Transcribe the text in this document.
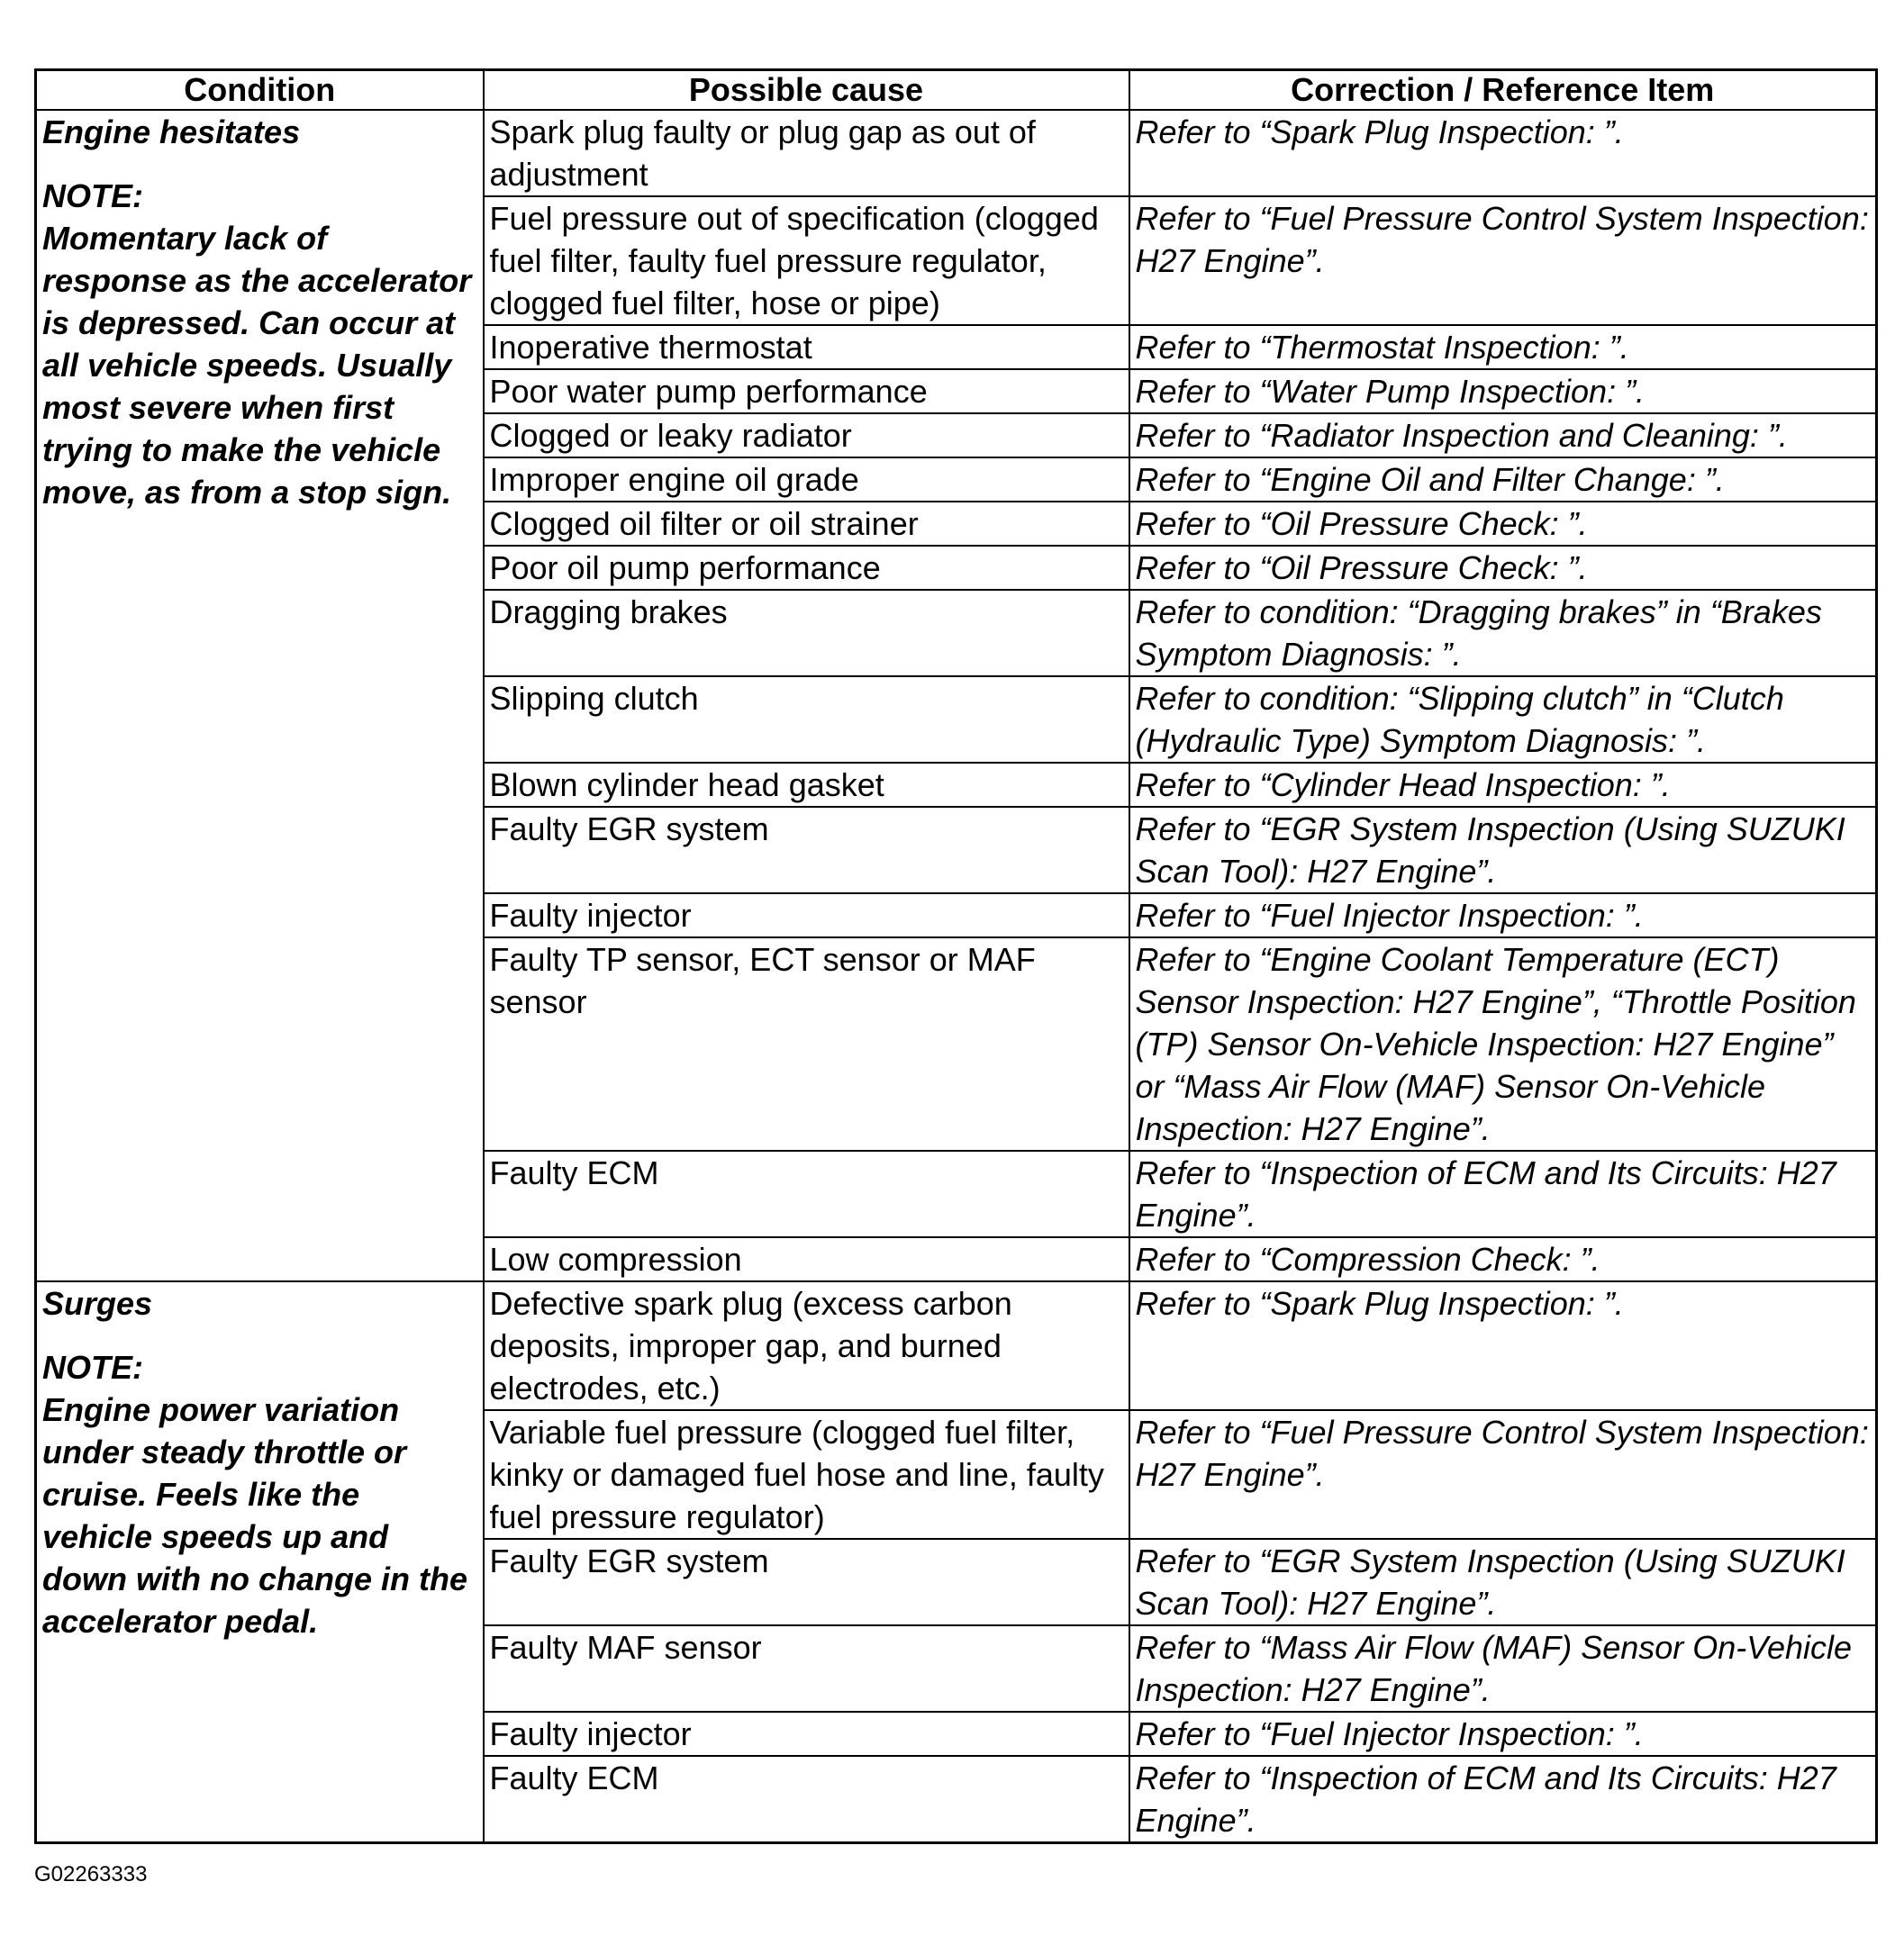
Condition	Possible cause	Correction / Reference Item

Engine hesitates
NOTE:
Momentary lack of response as the accelerator is depressed. Can occur at all vehicle speeds. Usually most severe when first trying to make the vehicle move, as from a stop sign.	Spark plug faulty or plug gap as out of adjustment	Refer to “Spark Plug Inspection: ”.
	Fuel pressure out of specification (clogged fuel filter, faulty fuel pressure regulator, clogged fuel filter, hose or pipe)	Refer to “Fuel Pressure Control System Inspection: H27 Engine”.
	Inoperative thermostat	Refer to “Thermostat Inspection: ”.
	Poor water pump performance	Refer to “Water Pump Inspection: ”.
	Clogged or leaky radiator	Refer to “Radiator Inspection and Cleaning: ”.
	Improper engine oil grade	Refer to “Engine Oil and Filter Change: ”.
	Clogged oil filter or oil strainer	Refer to “Oil Pressure Check: ”.
	Poor oil pump performance	Refer to “Oil Pressure Check: ”.
	Dragging brakes	Refer to condition: “Dragging brakes” in “Brakes Symptom Diagnosis: ”.
	Slipping clutch	Refer to condition: “Slipping clutch” in “Clutch (Hydraulic Type) Symptom Diagnosis: ”.
	Blown cylinder head gasket	Refer to “Cylinder Head Inspection: ”.
	Faulty EGR system	Refer to “EGR System Inspection (Using SUZUKI Scan Tool): H27 Engine”.
	Faulty injector	Refer to “Fuel Injector Inspection: ”.
	Faulty TP sensor, ECT sensor or MAF sensor	Refer to “Engine Coolant Temperature (ECT) Sensor Inspection: H27 Engine”, “Throttle Position (TP) Sensor On-Vehicle Inspection: H27 Engine” or “Mass Air Flow (MAF) Sensor On-Vehicle Inspection: H27 Engine”.
	Faulty ECM	Refer to “Inspection of ECM and Its Circuits: H27 Engine”.
	Low compression	Refer to “Compression Check: ”.

Surges
NOTE:
Engine power variation under steady throttle or cruise. Feels like the vehicle speeds up and down with no change in the accelerator pedal.	Defective spark plug (excess carbon deposits, improper gap, and burned electrodes, etc.)	Refer to “Spark Plug Inspection: ”.
	Variable fuel pressure (clogged fuel filter, kinky or damaged fuel hose and line, faulty fuel pressure regulator)	Refer to “Fuel Pressure Control System Inspection: H27 Engine”.
	Faulty EGR system	Refer to “EGR System Inspection (Using SUZUKI Scan Tool): H27 Engine”.
	Faulty MAF sensor	Refer to “Mass Air Flow (MAF) Sensor On-Vehicle Inspection: H27 Engine”.
	Faulty injector	Refer to “Fuel Injector Inspection: ”.
	Faulty ECM	Refer to “Inspection of ECM and Its Circuits: H27 Engine”.
G02263333
